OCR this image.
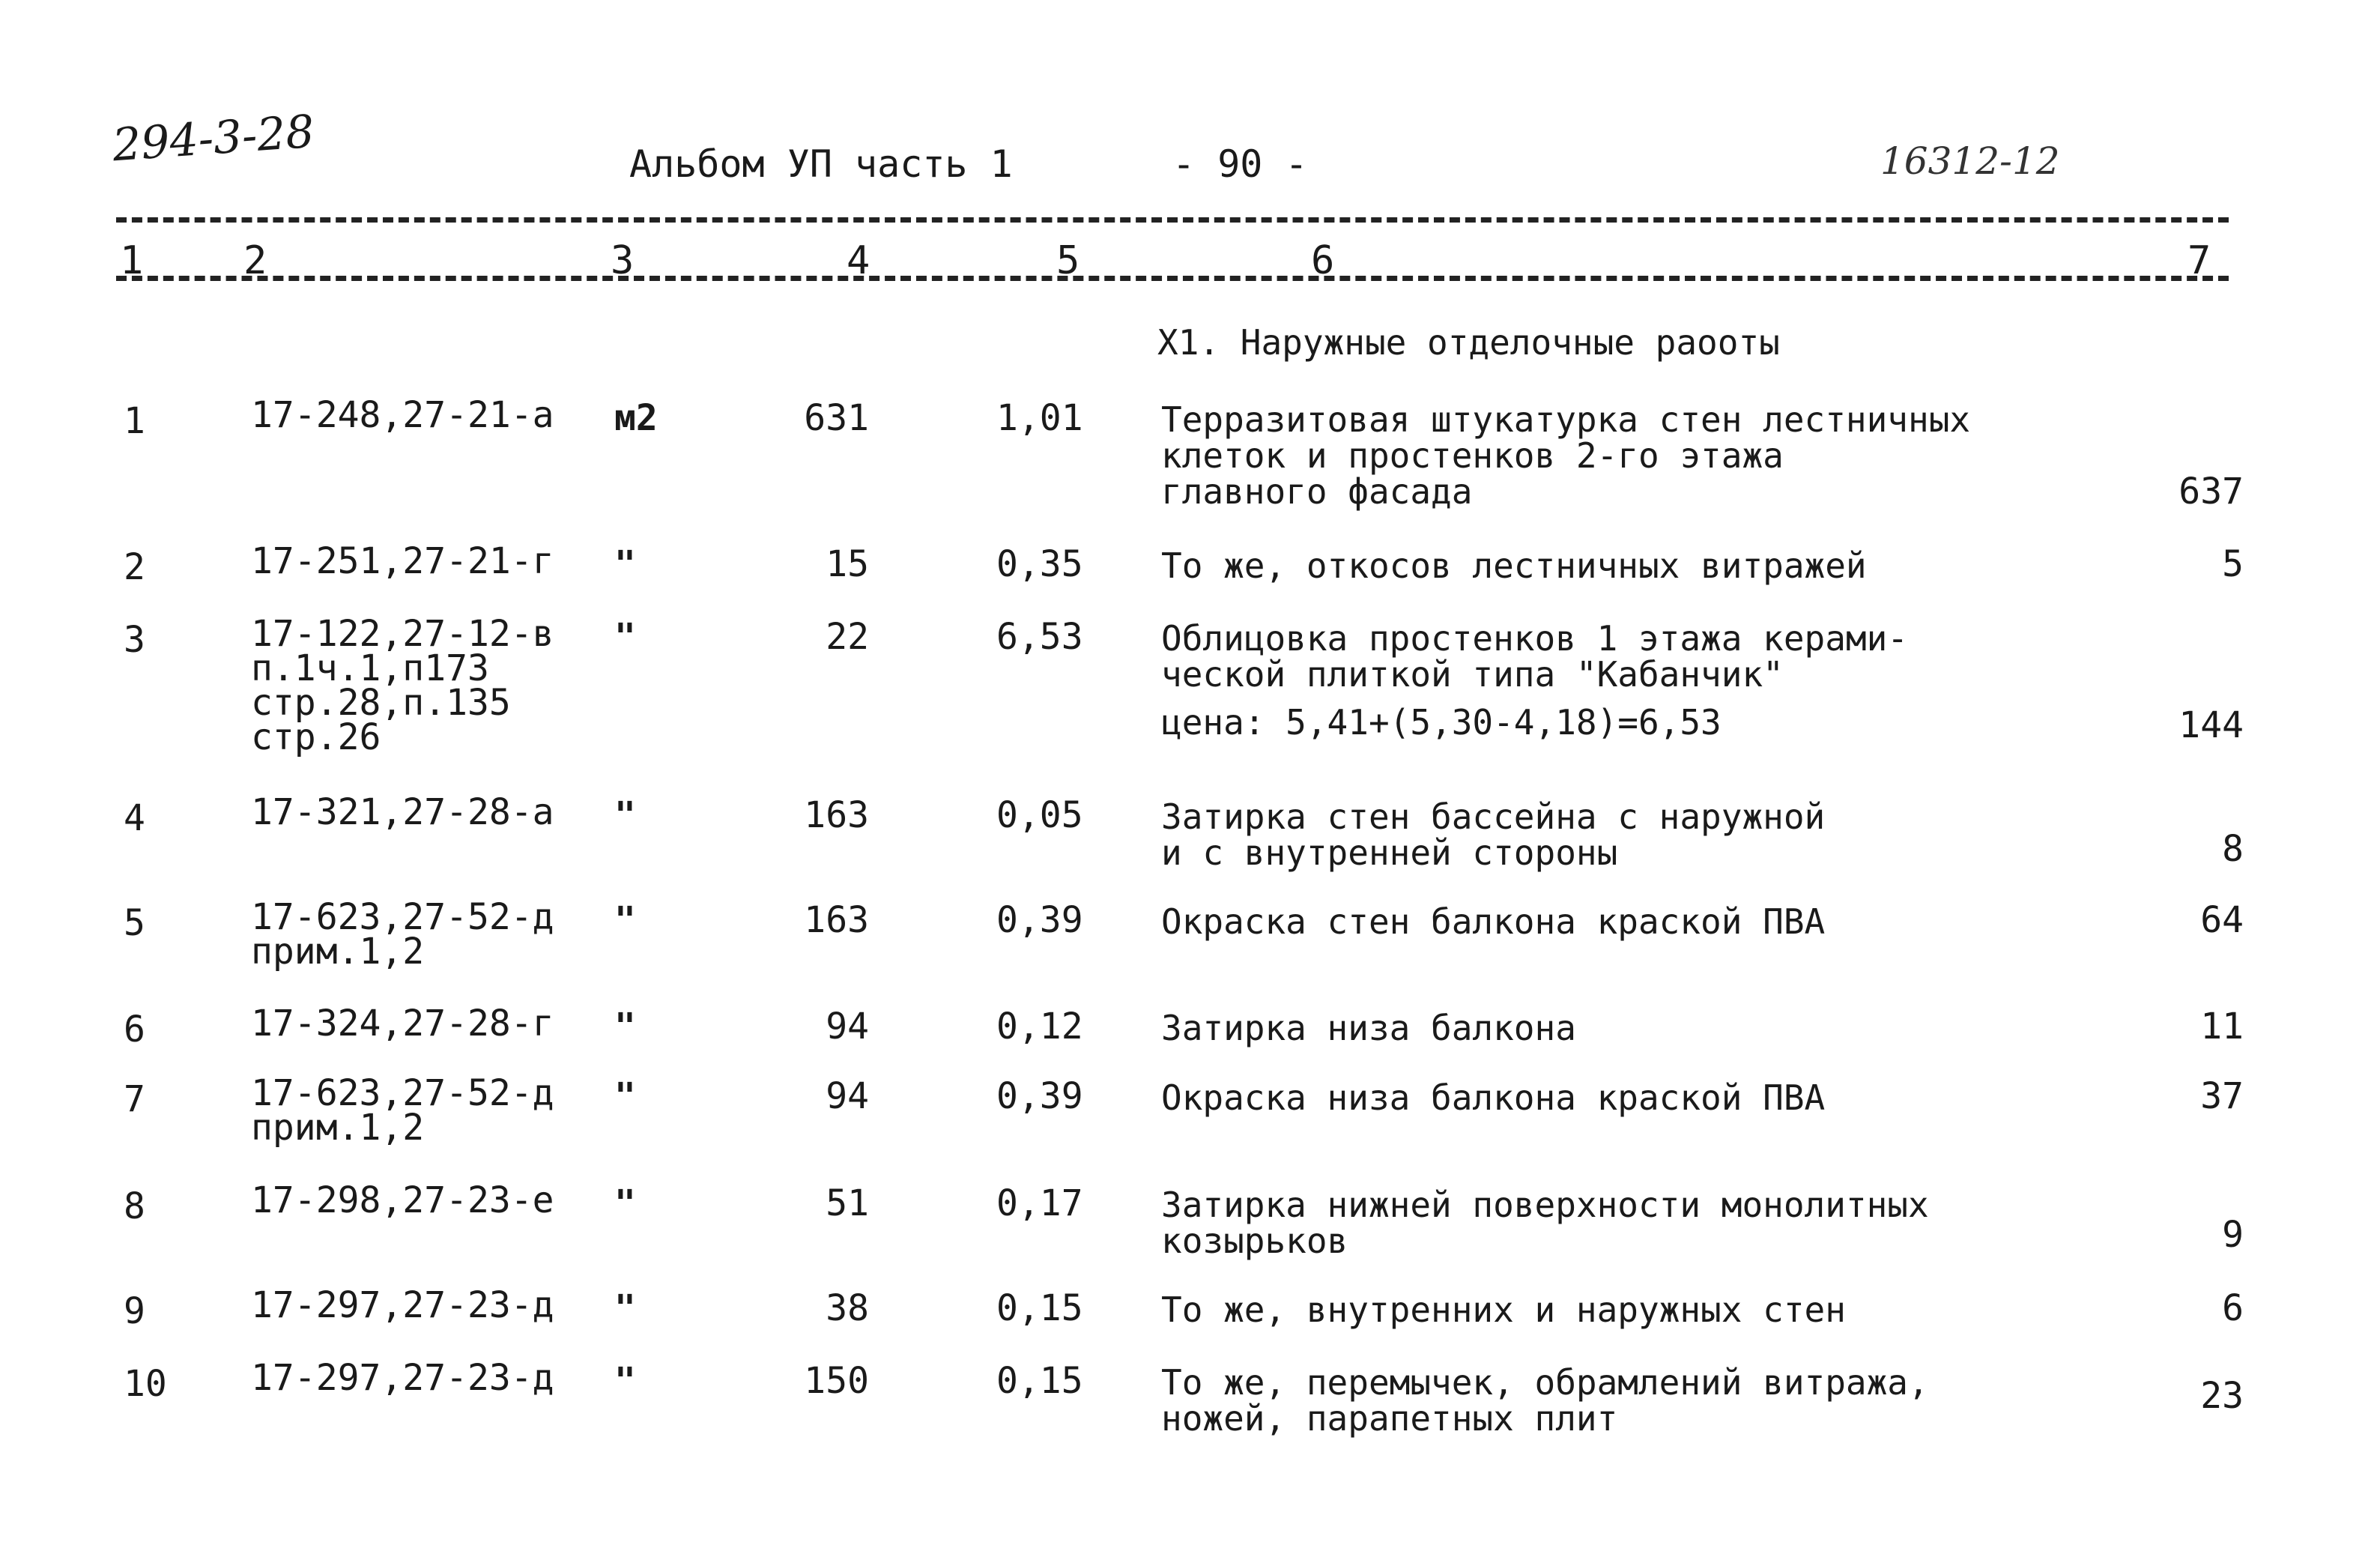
294-3-28	Альбом УП часть 1	- 90 -	16312-12
1	2	3	4	5	6	7
Х1. Наружные отделочные раооты
1	17-248,27-21-а м2	631	1,01 Терразитовая штукатурка стен лестничных
клеток и простенков 2-го этажа
главного фасада	637
2	17-251,27-21-г "	15	0,35 То же, откосов лестничных витражей	5
3	17-122,27-12-в
п.1ч.1,п173
стр.28,п.135
стр.26
"	22	6,53 Облицовка простенков 1 этажа керами-
ческой плиткой типа "Кабанчик"
цена: 5,41+(5,30-4,18)=6,53	144
4	17-321,27-28-а "	163	0,05 Затирка стен бассейна с наружной
и с внутренней стороны	8
5	17-623,27-52-д
прим.1,2
"	163	0,39 Окраска стен балкона краской ПВА	64
6	17-324,27-28-г "	94	0,12 Затирка низа балкона	11
7	17-623,27-52-д
прим.1,2
"	94	0,39 Окраска низа балкона краской ПВА	37
8	17-298,27-23-е "	51	0,17 Затирка нижней поверхности монолитных
козырьков	9
9	17-297,27-23-д "	38	0,15 То же, внутренних и наружных стен	6
10 17-297,27-23-д "	150	0,15 То же, перемычек, обрамлений витража,
ножей, парапетных плит
23
